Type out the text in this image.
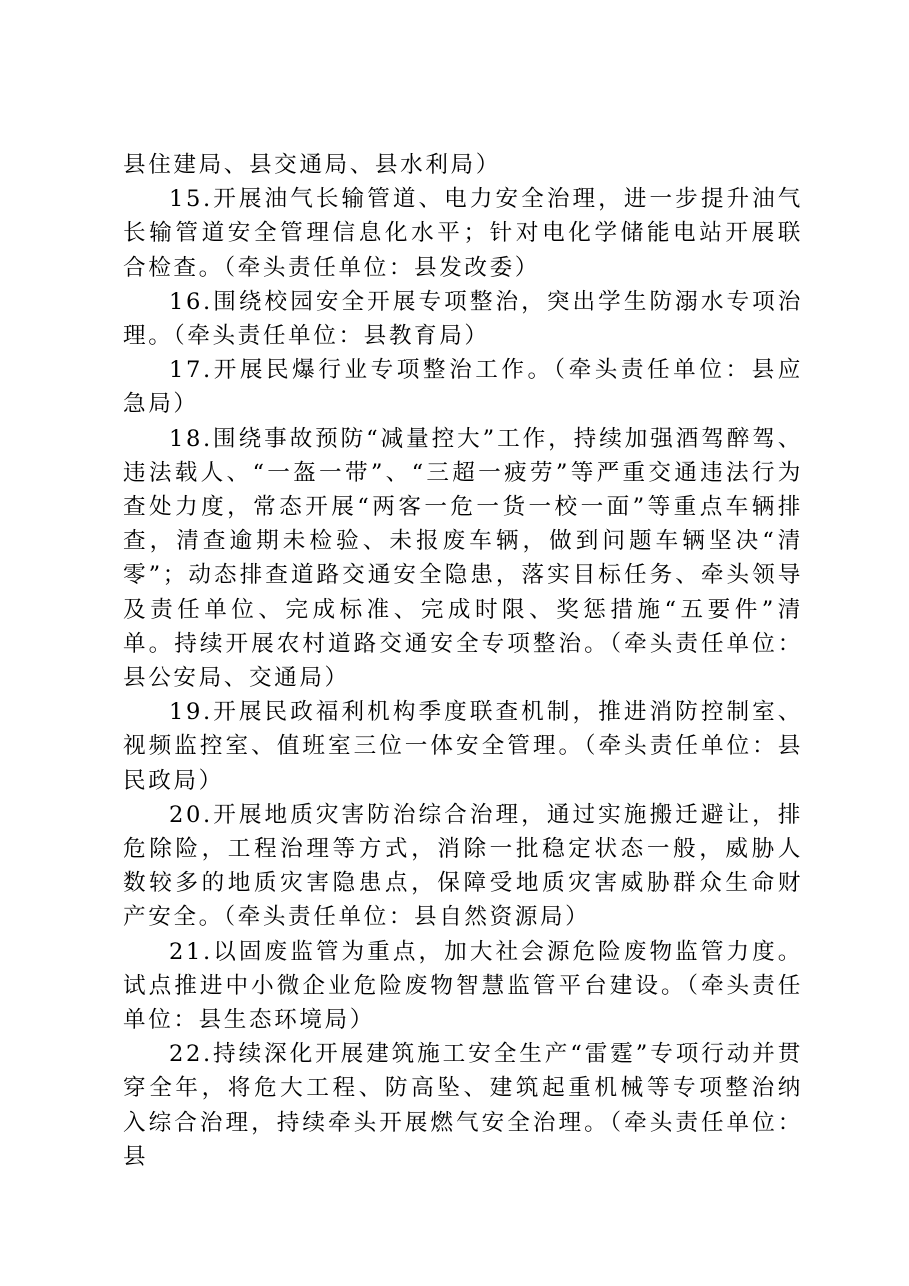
县住建局、县交通局、县水利局）

15.开展油气长输管道、电力安全治理，进一步提升油气长输管道安全管理信息化水平；针对电化学储能电站开展联合检查。（牵头责任单位：县发改委）

16.围绕校园安全开展专项整治，突出学生防溺水专项治理。（牵头责任单位：县教育局）

17.开展民爆行业专项整治工作。（牵头责任单位：县应急局）

18.围绕事故预防“减量控大”工作，持续加强酒驾醉驾、违法载人、“一盔一带”、“三超一疲劳”等严重交通违法行为查处力度，常态开展“两客一危一货一校一面”等重点车辆排查，清查逾期未检验、未报废车辆，做到问题车辆坚决“清零”；动态排查道路交通安全隐患，落实目标任务、牵头领导及责任单位、完成标准、完成时限、奖惩措施“五要件”清单。持续开展农村道路交通安全专项整治。（牵头责任单位：县公安局、交通局）

19.开展民政福利机构季度联查机制，推进消防控制室、视频监控室、值班室三位一体安全管理。（牵头责任单位：县民政局）

20.开展地质灾害防治综合治理，通过实施搬迁避让，排危除险，工程治理等方式，消除一批稳定状态一般，威胁人数较多的地质灾害隐患点，保障受地质灾害威胁群众生命财产安全。（牵头责任单位：县自然资源局）

21.以固废监管为重点，加大社会源危险废物监管力度。试点推进中小微企业危险废物智慧监管平台建设。（牵头责任单位：县生态环境局）

22.持续深化开展建筑施工安全生产“雷霆”专项行动并贯穿全年，将危大工程、防高坠、建筑起重机械等专项整治纳入综合治理，持续牵头开展燃气安全治理。（牵头责任单位：县
